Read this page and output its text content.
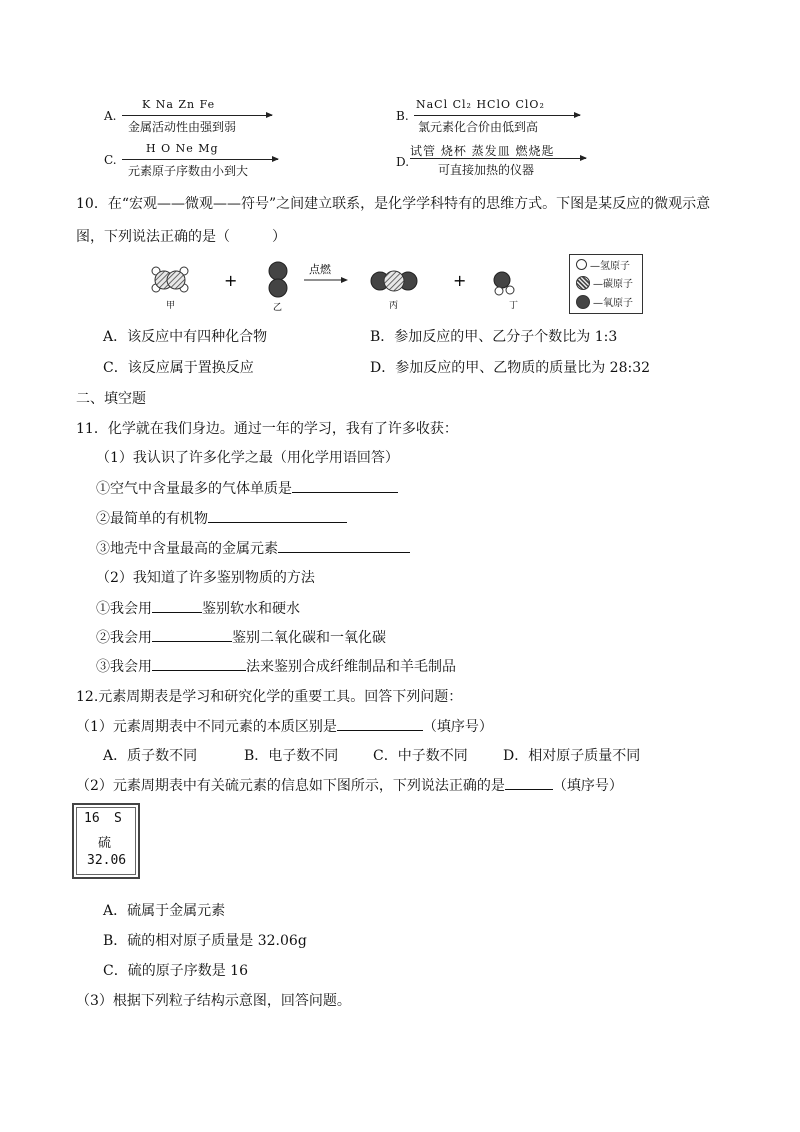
A.
K Na Zn Fe
金属活动性由强到弱
B.
NaCl Cl₂ HClO ClO₂
氯元素化合价由低到高
C.
H O Ne Mg
元素原子序数由小到大
D.
试管 烧杯 蒸发皿 燃烧匙
可直接加热的仪器
10．在“宏观——微观——符号”之间建立联系，是化学学科特有的思维方式。下图是某反应的微观示意
图，下列说法正确的是（　　　）
甲
+
乙
点燃
丙
+
丁
—氢原子
—碳原子
—氧原子
A．该反应中有四种化合物	B．参加反应的甲、乙分子个数比为 1:3
C．该反应属于置换反应	D．参加反应的甲、乙物质的质量比为 28:32
二、填空题
11．化学就在我们身边。通过一年的学习，我有了许多收获：
（1）我认识了许多化学之最（用化学用语回答）
①空气中含量最多的气体单质是
②最简单的有机物
③地壳中含量最高的金属元素
（2）我知道了许多鉴别物质的方法
①我会用	鉴别软水和硬水
②我会用	鉴别二氧化碳和一氧化碳
③我会用	法来鉴别合成纤维制品和羊毛制品
12.元素周期表是学习和研究化学的重要工具。回答下列问题：
（1）元素周期表中不同元素的本质区别是	（填序号）
A．质子数不同	B．电子数不同 C．中子数不同	D．相对原子质量不同
（2）元素周期表中有关硫元素的信息如下图所示，下列说法正确的是	（填序号）
16 S
硫
32.06
A．硫属于金属元素
B．硫的相对原子质量是 32.06g
C．硫的原子序数是 16
（3）根据下列粒子结构示意图，回答问题。
